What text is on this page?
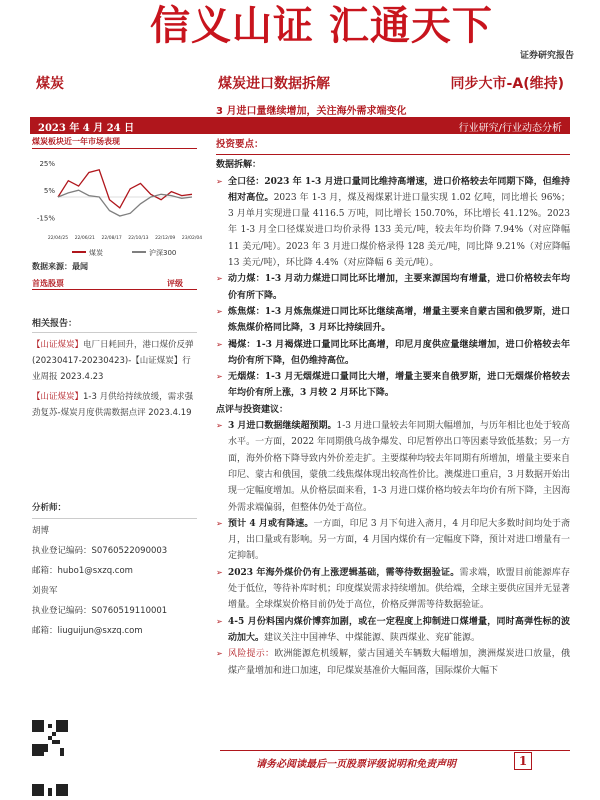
信义山证 汇通天下
证券研究报告
煤炭	煤炭进口数据拆解	同步大市-A(维持)
3 月进口量继续增加，关注海外需求端变化
2023 年 4 月 24 日	行业研究/行业动态分析
煤炭板块近一年市场表现
25%
5%
-15%
22/04/25 22/06/21 22/08/17 22/10/13 22/12/09 23/02/04
煤炭	沪深300
数据来源：最闻
首选股票	评级
相关报告：
【山证煤炭】电厂日耗回升，港口煤价反弹 (20230417-20230423)-【山证煤炭】行业周报 2023.4.23
【山证煤炭】1-3 月供给持续放缓，需求强劲复苏-煤炭月度供需数据点评 2023.4.19
分析师：
胡博
执业登记编码：S0760522090003
邮箱：hubo1@sxzq.com
刘贵军
执业登记编码：S0760519110001
邮箱：liuguijun@sxzq.com
投资要点：
数据拆解：
➢ 全口径：2023 年 1-3 月进口量同比维持高增速，进口价格较去年同期下降，但维持相对高位。2023 年 1-3 月，煤及褐煤累计进口量实现 1.02 亿吨，同比增长 96%；3 月单月实现进口量 4116.5 万吨，同比增长 150.70%，环比增长 41.12%。2023 年 1-3 月全口径煤炭进口均价录得 133 美元/吨，较去年均价降 7.94%（对应降幅 11 美元/吨）。2023 年 3 月进口煤价格录得 128 美元/吨，同比降 9.21%（对应降幅 13 美元/吨），环比降 4.4%（对应降幅 6 美元/吨）。
➢ 动力煤：1-3 月动力煤进口同比环比增加，主要来源国均有增量，进口价格较去年均价有所下降。
➢ 炼焦煤：1-3 月炼焦煤进口同比环比继续高增，增量主要来自蒙古国和俄罗斯，进口炼焦煤价格同比降，3 月环比持续回升。
➢ 褐煤：1-3 月褐煤进口量同比环比高增，印尼月度供应量继续增加，进口价格较去年均价有所下降，但仍维持高位。
➢ 无烟煤：1-3 月无烟煤进口量同比大增，增量主要来自俄罗斯，进口无烟煤价格较去年均价有所上涨，3 月较 2 月环比下降。
点评与投资建议：
➢ 3 月进口数据继续超预期。1-3 月进口量较去年同期大幅增加，与历年相比也处于较高水平。一方面，2022 年同期俄乌战争爆发、印尼暂停出口等因素导致低基数；另一方面，海外价格下降导致内外价差走扩。主要煤种均较去年同期有所增加，增量主要来自印尼、蒙古和俄国，蒙俄二线焦煤体现出较高性价比。澳煤进口重启，3 月数据开始出现一定幅度增加。从价格层面来看，1-3 月进口煤价格均较去年均价有所下降，主因海外需求端偏弱，但整体仍处于高位。
➢ 预计 4 月或有降速。一方面，印尼 3 月下旬进入斋月，4 月印尼大多数时间均处于斋月，出口量或有影响。另一方面，4 月国内煤价有一定幅度下降，预计对进口增量有一定抑制。
➢ 2023 年海外煤价仍有上涨逻辑基础，需等待数据验证。需求端，欧盟目前能源库存处于低位，等待补库时机；印度煤炭需求持续增加。供给端，全球主要供应国并无显著增量。全球煤炭价格目前仍处于高位，价格反弹需等待数据验证。
➢ 4-5 月份料国内煤价博弈加剧，或在一定程度上抑制进口煤增量，同时高弹性标的波动加大。建议关注中国神华、中煤能源、陕西煤业、兖矿能源。
➢ 风险提示：欧洲能源危机缓解，蒙古国通关车辆数大幅增加，澳洲煤炭进口放量，俄煤产量增加和进口加速，印尼煤炭基准价大幅回落，国际煤价大幅下
请务必阅读最后一页股票评级说明和免责声明	1
